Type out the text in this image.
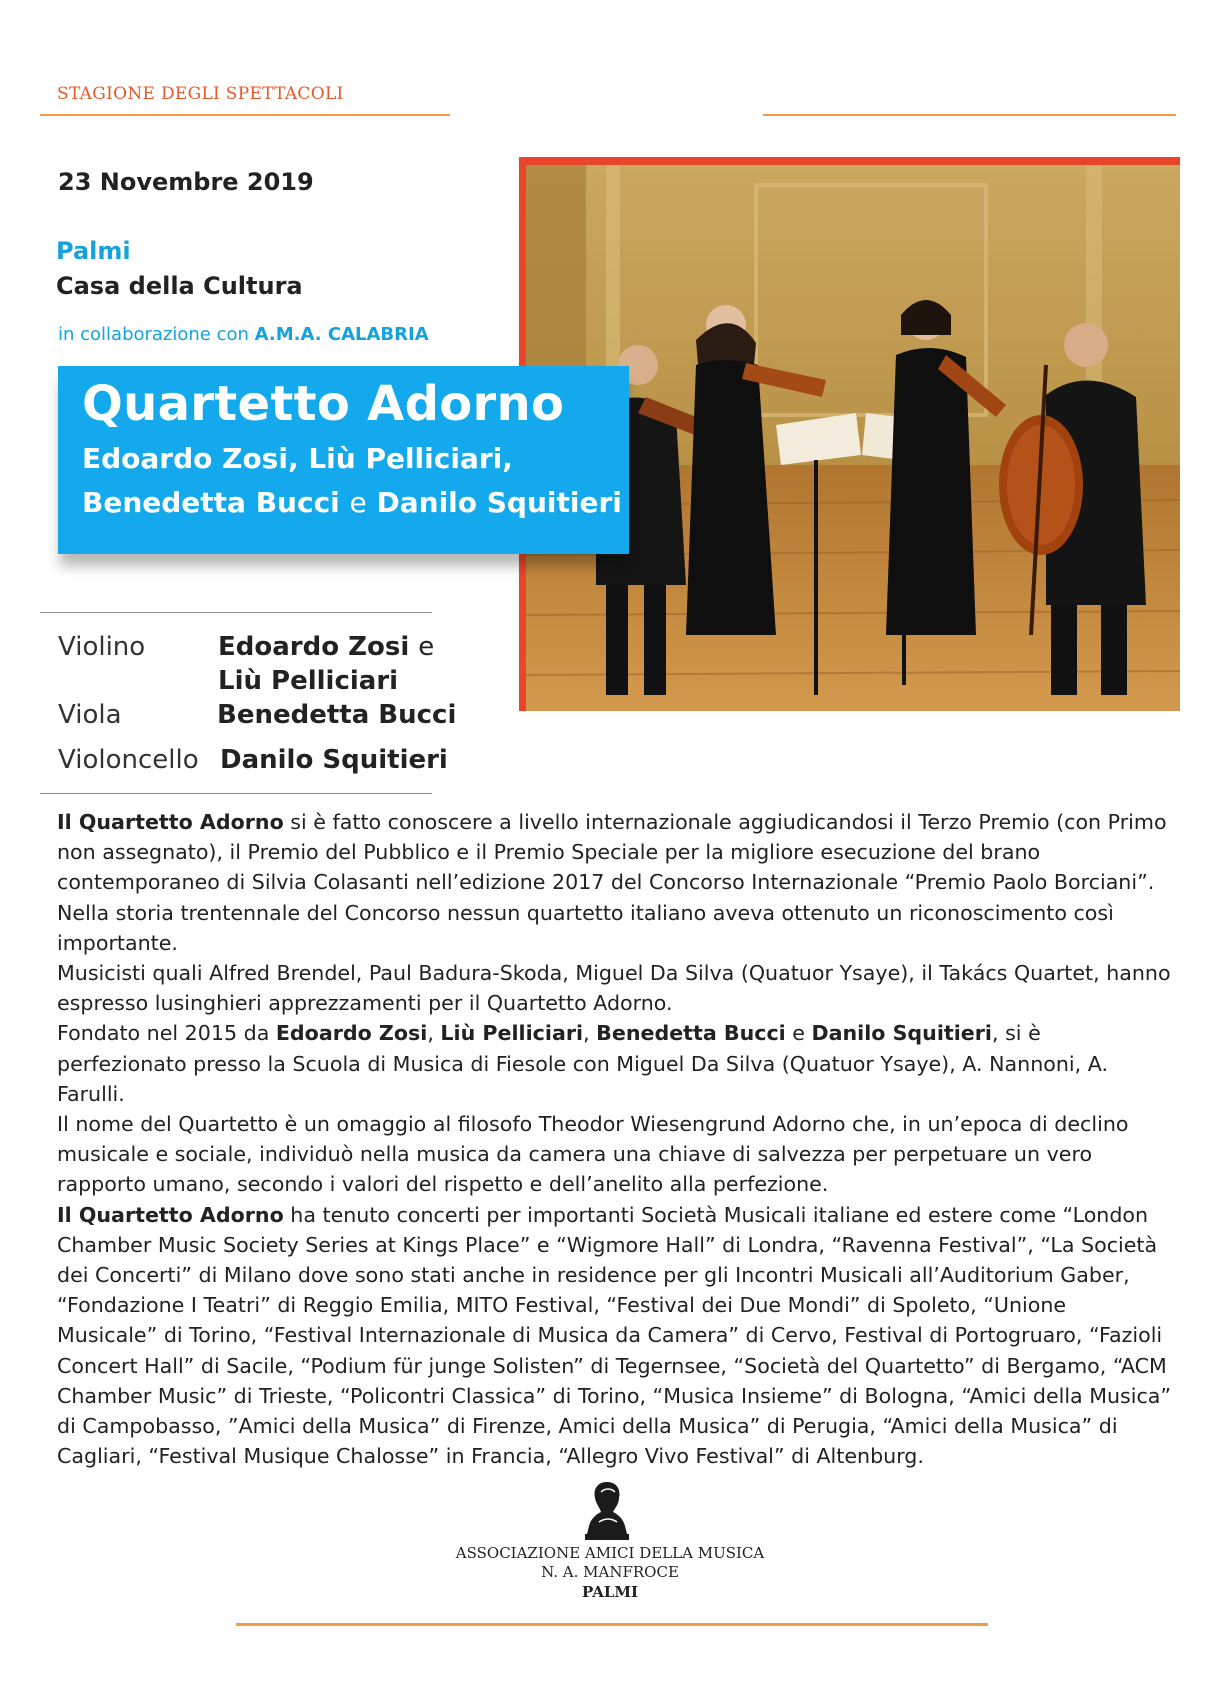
STAGIONE DEGLI SPETTACOLI
23 Novembre 2019
Palmi
Casa della Cultura
in collaborazione con A.M.A. CALABRIA
Quartetto Adorno
Edoardo Zosi, Liù Pelliciari,
Benedetta Bucci e Danilo Squitieri
Violino	Edoardo Zosi e
Liù Pelliciari
Viola	Benedetta Bucci
Violoncello Danilo Squitieri

Il Quartetto Adorno si è fatto conoscere a livello internazionale aggiudicandosi il Terzo Premio (con Primo non assegnato), il Premio del Pubblico e il Premio Speciale per la migliore esecuzione del brano contemporaneo di Silvia Colasanti nell’edizione 2017 del Concorso Internazionale “Premio Paolo Borciani”. Nella storia trentennale del Concorso nessun quartetto italiano aveva ottenuto un riconoscimento così importante.

Musicisti quali Alfred Brendel, Paul Badura-Skoda, Miguel Da Silva (Quatuor Ysaye), il Takács Quartet, hanno espresso lusinghieri apprezzamenti per il Quartetto Adorno.

Fondato nel 2015 da Edoardo Zosi, Liù Pelliciari, Benedetta Bucci e Danilo Squitieri, si è perfezionato presso la Scuola di Musica di Fiesole con Miguel Da Silva (Quatuor Ysaye), A. Nannoni, A. Farulli.

Il nome del Quartetto è un omaggio al filosofo Theodor Wiesengrund Adorno che, in un’epoca di declino musicale e sociale, individuò nella musica da camera una chiave di salvezza per perpetuare un vero rapporto umano, secondo i valori del rispetto e dell’anelito alla perfezione.

Il Quartetto Adorno ha tenuto concerti per importanti Società Musicali italiane ed estere come “London Chamber Music Society Series at Kings Place” e “Wigmore Hall” di Londra, “Ravenna Festival”, “La Società dei Concerti” di Milano dove sono stati anche in residence per gli Incontri Musicali all’Auditorium Gaber, “Fondazione I Teatri” di Reggio Emilia, MITO Festival, “Festival dei Due Mondi” di Spoleto, “Unione Musicale” di Torino, “Festival Internazionale di Musica da Camera” di Cervo, Festival di Portogruaro, “Fazioli Concert Hall” di Sacile, “Podium für junge Solisten” di Tegernsee, “Società del Quartetto” di Bergamo, “ACM Chamber Music” di Trieste, “Policontri Classica” di Torino, “Musica Insieme” di Bologna, “Amici della Musica” di Campobasso, ”Amici della Musica” di Firenze, Amici della Musica” di Perugia, “Amici della Musica” di Cagliari, “Festival Musique Chalosse” in Francia, “Allegro Vivo Festival” di Altenburg.

ASSOCIAZIONE AMICI DELLA MUSICA
N. A. MANFROCE
PALMI
